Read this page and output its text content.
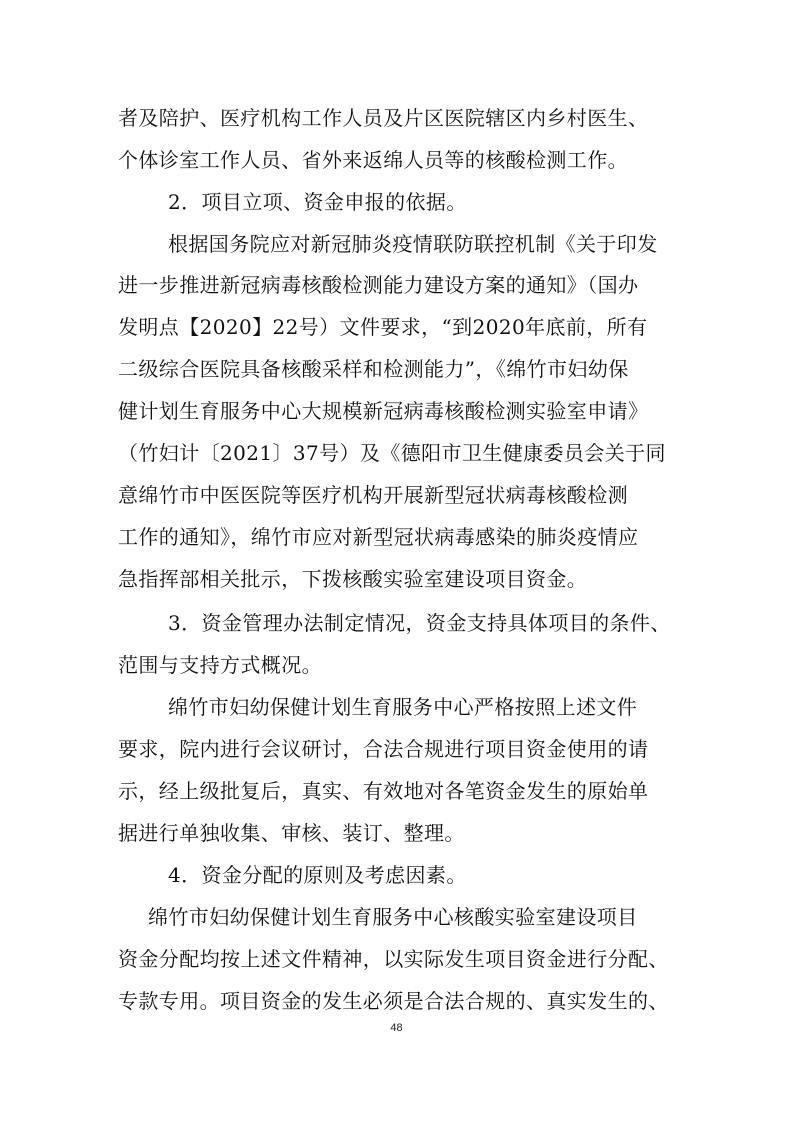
者及陪护、医疗机构工作人员及片区医院辖区内乡村医生、
个体诊室工作人员、省外来返绵人员等的核酸检测工作。
2．项目立项、资金申报的依据。
根据国务院应对新冠肺炎疫情联防联控机制《关于印发
进一步推进新冠病毒核酸检测能力建设方案的通知》（国办
发明点【2020】22号）文件要求，“到2020年底前，所有
二级综合医院具备核酸采样和检测能力”，《绵竹市妇幼保
健计划生育服务中心大规模新冠病毒核酸检测实验室申请》
（竹妇计〔2021〕37号）及《德阳市卫生健康委员会关于同
意绵竹市中医医院等医疗机构开展新型冠状病毒核酸检测
工作的通知》，绵竹市应对新型冠状病毒感染的肺炎疫情应
急指挥部相关批示，下拨核酸实验室建设项目资金。
3．资金管理办法制定情况，资金支持具体项目的条件、
范围与支持方式概况。
绵竹市妇幼保健计划生育服务中心严格按照上述文件
要求，院内进行会议研讨，合法合规进行项目资金使用的请
示，经上级批复后，真实、有效地对各笔资金发生的原始单
据进行单独收集、审核、装订、整理。
4．资金分配的原则及考虑因素。
绵竹市妇幼保健计划生育服务中心核酸实验室建设项目
资金分配均按上述文件精神，以实际发生项目资金进行分配、
专款专用。项目资金的发生必须是合法合规的、真实发生的、
48
